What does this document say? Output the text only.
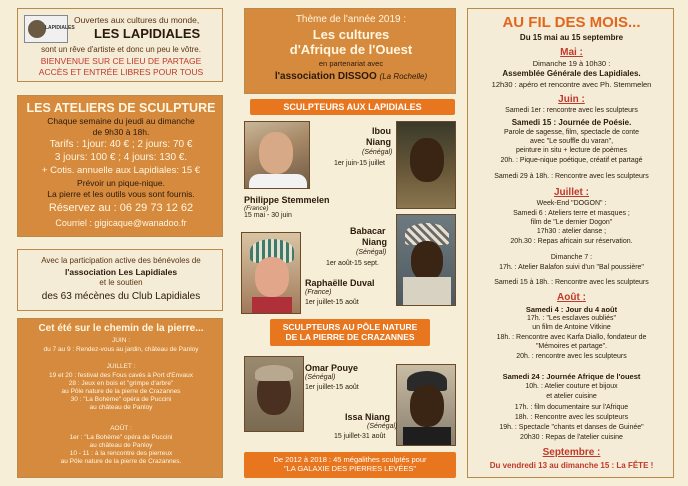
LAPIDIALES
Ouvertes aux cultures du monde,
LES LAPIDIALES
sont un rêve d'artiste et donc un peu le vôtre.
BIENVENUE SUR CE LIEU DE PARTAGE
ACCÈS ET ENTRÉE LIBRES POUR TOUS
LES ATELIERS DE SCULPTURE
Chaque semaine du jeudi au dimanche
de 9h30 à 18h.
Tarifs : 1jour: 40 € ; 2 jours: 70 €
3 jours: 100 € ; 4 jours: 130 €.
+ Cotis. annuelle aux Lapidiales: 15 €
Prévoir un pique-nique.
La pierre et les outils vous sont fournis.
Réservez au : 06 29 73 12 62
Courriel : gigicaque@wanadoo.fr
Avec la participation active des bénévoles de
l'association Les Lapidiales
et le soutien
des 63 mécènes du Club Lapidiales
Cet été sur le chemin de la pierre...
JUIN :
du 7 au 9 : Rendez-vous au jardin, château de Panloy
JUILLET :
19 et 20 : festival des Fous cavés à Port d'Envaux
28 : Jeux en bois et "grimpe d'arbre"
au Pôle nature de la pierre de Crazannes
30 : "La Bohème" opéra de Puccini
au château de Panloy
AOÛT :
1er : "La Bohème" opéra de Puccini
au château de Panloy
10 - 11 : à la rencontre des pierreux
au Pôle nature de la pierre de Crazannes.
Thème de l'année 2019 :
Les cultures
d'Afrique de l'Ouest
en partenariat avec
l'association DISSOO (La Rochelle)
SCULPTEURS AUX LAPIDIALES
Ibou
Niang
(Sénégal)
1er juin-15 juillet
Philippe Stemmelen
15 mai - 30 juin
(France)
Babacar
Niang
(Sénégal)
1er août-15 sept.
Raphaëlle Duval
(France)
1er juillet-15 août
SCULPTEURS AU PÔLE NATURE
DE LA PIERRE DE CRAZANNES
Omar Pouye
(Sénégal)
1er juillet-15 août
Issa Niang
(Sénégal)
15 juillet-31 août
De 2012 à 2018 : 45 mégalithes sculptés pour
"LA GALAXIE DES PIERRES LEVÉES"
AU FIL DES MOIS...
Du 15 mai au 15 septembre
Mai :
Dimanche 19 à 10h30 :
Assemblée Générale des Lapidiales.
12h30 : apéro et rencontre avec Ph. Stemmelen
Juin :
Samedi 1er : rencontre avec les sculpteurs
Samedi 15 : Journée de Poésie.
Parole de sagesse, film, spectacle de conte
avec "Le souffle du varan",
peinture in situ + lecture de poèmes
20h. : Pique-nique poétique, créatif et partagé
Samedi 29 à 18h. : Rencontre avec les sculpteurs
Juillet :
Week-End "DOGON" :
Samedi 6 : Ateliers terre et masques ;
film de "Le dernier Dogon"
17h30 : atelier danse ;
20h.30 : Repas africain sur réservation.
Dimanche 7 :
17h. : Atelier Balafon suivi d'un "Bal poussière"
Samedi 15 à 18h. : Rencontre avec les sculpteurs
Août :
Samedi 4 : Jour du 4 août
17h. : "Les esclaves oubliés"
un film de Antoine Vitkine
18h. : Rencontre avec Karfa Diallo, fondateur de
"Mémoires et partage".
20h. : rencontre avec les sculpteurs
Samedi 24 : Journée Afrique de l'ouest
10h. : Atelier couture et bijoux
et atelier cuisine
17h. : film documentaire sur l'Afrique
18h. : Rencontre avec les sculpteurs
19h. : Spectacle "chants et danses de Guinée"
20h30 : Repas de l'atelier cuisine
Septembre :
Du vendredi 13 au dimanche 15 : La FÊTE !
